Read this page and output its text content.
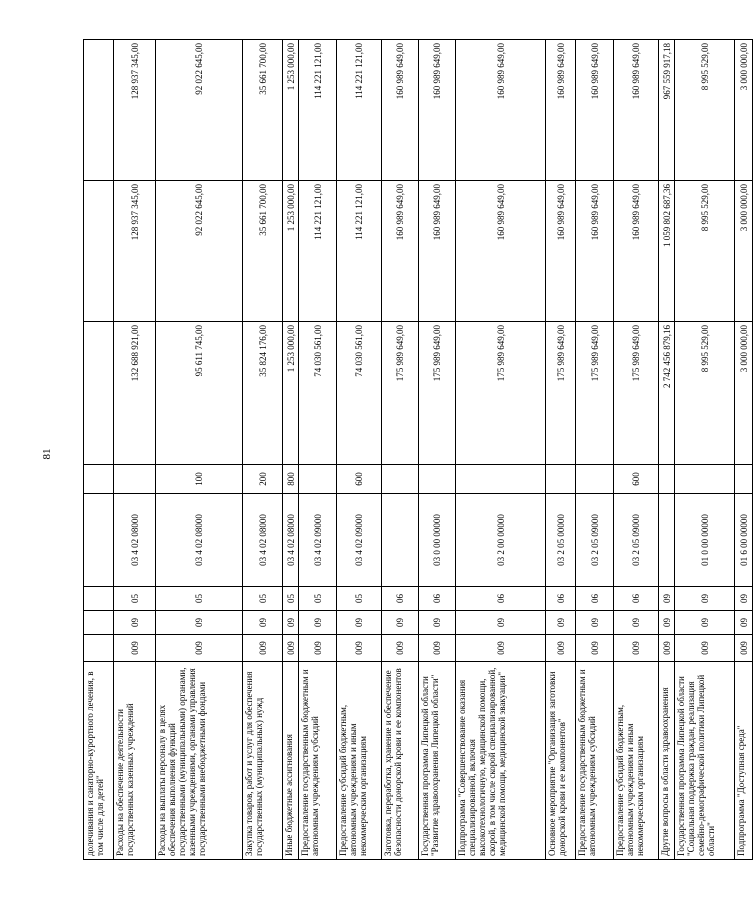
81
долечивания и санаторно-курортного лечения, в том числе для детей"								
Расходы на обеспечение деятельности государственных казенных учреждений	009	09	05	03 4 02 08000		132 688 921,00	128 937 345,00	128 937 345,00
Расходы на выплаты персоналу в целях обеспечения выполнения функций государственными (муниципальными) органами, казенными учреждениями, органами управления государственными внебюджетными фондами	009	09	05	03 4 02 08000	100	95 611 745,00	92 022 645,00	92 022 645,00
Закупка товаров, работ и услуг для обеспечения государственных (муниципальных) нужд	009	09	05	03 4 02 08000	200	35 824 176,00	35 661 700,00	35 661 700,00
Иные бюджетные ассигнования	009	09	05	03 4 02 08000	800	1 253 000,00	1 253 000,00	1 253 000,00
Предоставление государственным бюджетным и автономным учреждениям субсидий	009	09	05	03 4 02 09000		74 030 561,00	114 221 121,00	114 221 121,00
Предоставление субсидий бюджетным, автономным учреждениям и иным некоммерческим организациям	009	09	05	03 4 02 09000	600	74 030 561,00	114 221 121,00	114 221 121,00
Заготовка, переработка, хранение и обеспечение безопасности донорской крови и ее компонентов	009	09	06			175 989 649,00	160 989 649,00	160 989 649,00
Государственная программа Липецкой области "Развитие здравоохранения Липецкой области"	009	09	06	03 0 00 00000		175 989 649,00	160 989 649,00	160 989 649,00
Подпрограмма "Совершенствование оказания специализированной, включая высокотехнологичную, медицинской помощи, скорой, в том числе скорой специализированной, медицинской помощи, медицинской эвакуации"	009	09	06	03 2 00 00000		175 989 649,00	160 989 649,00	160 989 649,00
Основное мероприятие "Организация заготовки донорской крови и ее компонентов"	009	09	06	03 2 05 00000		175 989 649,00	160 989 649,00	160 989 649,00
Предоставление государственным бюджетным и автономным учреждениям субсидий	009	09	06	03 2 05 09000		175 989 649,00	160 989 649,00	160 989 649,00
Предоставление субсидий бюджетным, автономным учреждениям и иным некоммерческим организациям	009	09	06	03 2 05 09000	600	175 989 649,00	160 989 649,00	160 989 649,00
Другие вопросы в области здравоохранения	009	09	09			2 742 456 879,16	1 059 802 687,36	967 559 917,18
Государственная программа Липецкой области "Социальная поддержка граждан, реализация семейно-демографической политики Липецкой области"	009	09	09	01 0 00 00000		8 995 529,00	8 995 529,00	8 995 529,00
Подпрограмма "Доступная среда"	009	09	09	01 6 00 00000		3 000 000,00	3 000 000,00	3 000 000,00
